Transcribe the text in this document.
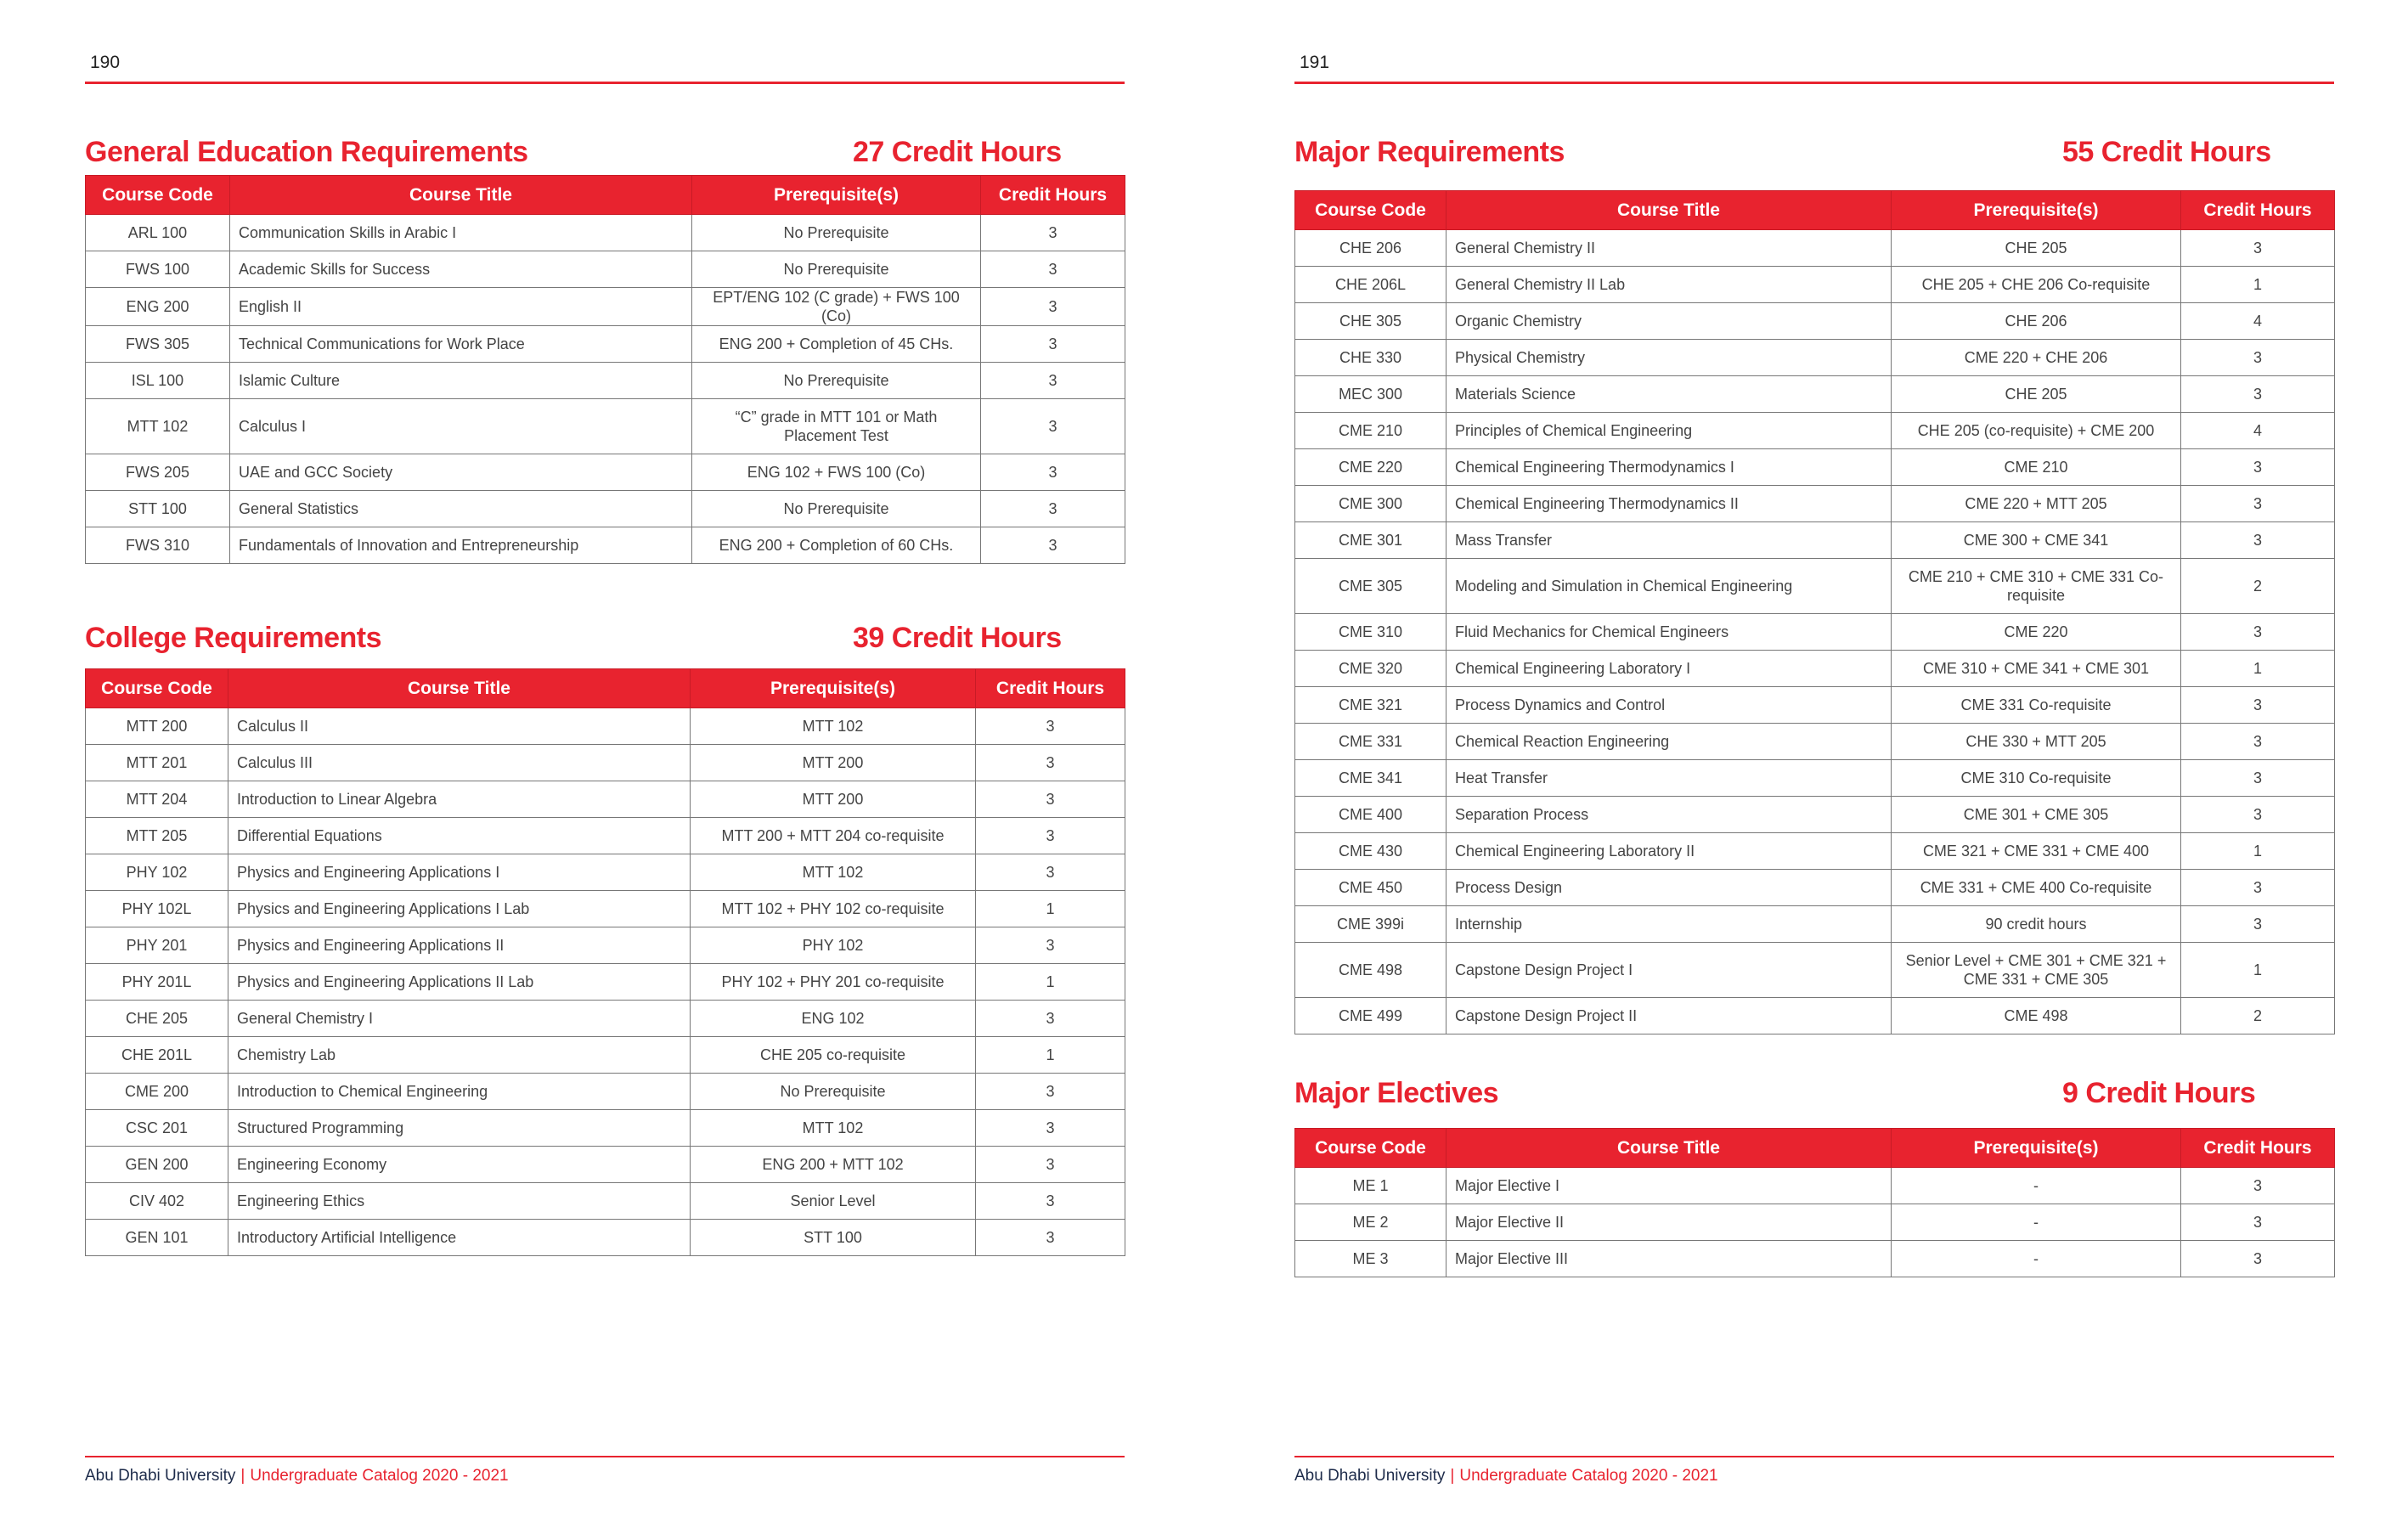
190
General Education Requirements	27 Credit Hours
Course Code	Course Title	Prerequisite(s)	Credit Hours
ARL 100	Communication Skills in Arabic I	No Prerequisite	3
FWS 100	Academic Skills for Success	No Prerequisite	3
ENG 200	English II	EPT/ENG 102 (C grade) + FWS 100 (Co)	3
FWS 305	Technical Communications for Work Place	ENG 200 + Completion of 45 CHs.	3
ISL 100	Islamic Culture	No Prerequisite	3
MTT 102	Calculus I	“C” grade in MTT 101 or Math Placement Test	3
FWS 205	UAE and GCC Society	ENG 102 + FWS 100 (Co)	3
STT 100	General Statistics	No Prerequisite	3
FWS 310	Fundamentals of Innovation and Entrepreneurship	ENG 200 + Completion of 60 CHs.	3
College Requirements	39 Credit Hours
Course Code	Course Title	Prerequisite(s)	Credit Hours
MTT 200	Calculus II	MTT 102	3
MTT 201	Calculus III	MTT 200	3
MTT 204	Introduction to Linear Algebra	MTT 200	3
MTT 205	Differential Equations	MTT 200 + MTT 204 co-requisite	3
PHY 102	Physics and Engineering Applications I	MTT 102	3
PHY 102L	Physics and Engineering Applications I Lab	MTT 102 + PHY 102 co-requisite	1
PHY 201	Physics and Engineering Applications II	PHY 102	3
PHY 201L	Physics and Engineering Applications II Lab	PHY 102 + PHY 201 co-requisite	1
CHE 205	General Chemistry I	ENG 102	3
CHE 201L	Chemistry Lab	CHE 205 co-requisite	1
CME 200	Introduction to Chemical Engineering	No Prerequisite	3
CSC 201	Structured Programming	MTT 102	3
GEN 200	Engineering Economy	ENG 200 + MTT 102	3
CIV 402	Engineering Ethics	Senior Level	3
GEN 101	Introductory Artificial Intelligence	STT 100	3
Abu Dhabi University | Undergraduate Catalog 2020 - 2021
191
Major Requirements	55 Credit Hours
Course Code	Course Title	Prerequisite(s)	Credit Hours
CHE 206	General Chemistry II	CHE 205	3
CHE 206L	General Chemistry II Lab	CHE 205 + CHE 206 Co-requisite	1
CHE 305	Organic Chemistry	CHE 206	4
CHE 330	Physical Chemistry	CME 220 + CHE 206	3
MEC 300	Materials Science	CHE 205	3
CME 210	Principles of Chemical Engineering	CHE 205 (co-requisite) + CME 200	4
CME 220	Chemical Engineering Thermodynamics I	CME 210	3
CME 300	Chemical Engineering Thermodynamics II	CME 220 + MTT 205	3
CME 301	Mass Transfer	CME 300 + CME 341	3
CME 305	Modeling and Simulation in Chemical Engineering	CME 210 + CME 310 + CME 331 Co-requisite	2
CME 310	Fluid Mechanics for Chemical Engineers	CME 220	3
CME 320	Chemical Engineering Laboratory I	CME 310 + CME 341 + CME 301	1
CME 321	Process Dynamics and Control	CME 331 Co-requisite	3
CME 331	Chemical Reaction Engineering	CHE 330 + MTT 205	3
CME 341	Heat Transfer	CME 310 Co-requisite	3
CME 400	Separation Process	CME 301 + CME 305	3
CME 430	Chemical Engineering Laboratory II	CME 321 + CME 331 + CME 400	1
CME 450	Process Design	CME 331 + CME 400 Co-requisite	3
CME 399i	Internship	90 credit hours	3
CME 498	Capstone Design Project I	Senior Level + CME 301 + CME 321 + CME 331 + CME 305	1
CME 499	Capstone Design Project II	CME 498	2
Major Electives	9 Credit Hours
Course Code	Course Title	Prerequisite(s)	Credit Hours
ME 1	Major Elective I	-	3
ME 2	Major Elective II	-	3
ME 3	Major Elective III	-	3
Abu Dhabi University | Undergraduate Catalog 2020 - 2021
